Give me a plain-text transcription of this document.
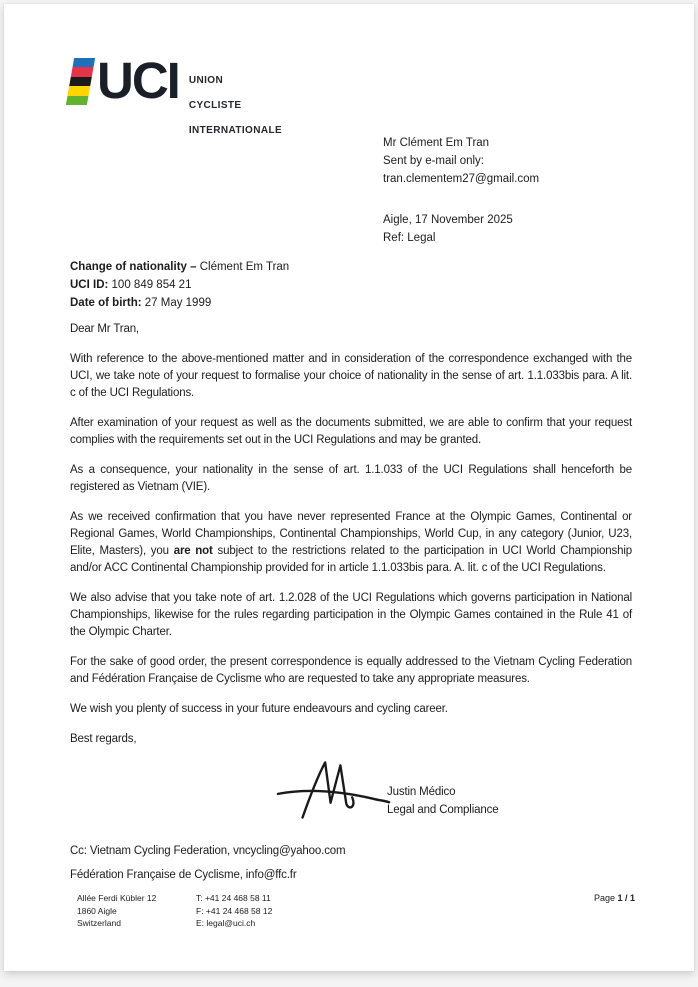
UCI UNION

CYCLISTE

INTERNATIONALE

Mr Clément Em Tran
Sent by e-mail only:
tran.clementem27@gmail.com
Aigle, 17 November 2025
Ref: Legal
Change of nationality – Clément Em Tran
UCI ID: 100 849 854 21
Date of birth: 27 May 1999

Dear Mr Tran,

With reference to the above-mentioned matter and in consideration of the correspondence exchanged with the UCI, we take note of your request to formalise your choice of nationality in the sense of art. 1.1.033bis para. A lit. c of the UCI Regulations.

After examination of your request as well as the documents submitted, we are able to confirm that your request complies with the requirements set out in the UCI Regulations and may be granted.

As a consequence, your nationality in the sense of art. 1.1.033 of the UCI Regulations shall henceforth be registered as Vietnam (VIE).

As we received confirmation that you have never represented France at the Olympic Games, Continental or Regional Games, World Championships, Continental Championships, World Cup, in any category (Junior, U23, Elite, Masters), you are not subject to the restrictions related to the participation in UCI World Championship and/or ACC Continental Championship provided for in article 1.1.033bis para. A. lit. c of the UCI Regulations.

We also advise that you take note of art. 1.2.028 of the UCI Regulations which governs participation in National Championships, likewise for the rules regarding participation in the Olympic Games contained in the Rule 41 of the Olympic Charter.

For the sake of good order, the present correspondence is equally addressed to the Vietnam Cycling Federation and Fédération Française de Cyclisme who are requested to take any appropriate measures.

We wish you plenty of success in your future endeavours and cycling career.

Best regards,

Justin Médico
Legal and Compliance
Cc: Vietnam Cycling Federation, vncycling@yahoo.com
Fédération Française de Cyclisme, info@ffc.fr
Allée Ferdi Kübler 12
1860 Aigle
Switzerland
T: +41 24 468 58 11
F: +41 24 468 58 12
E: legal@uci.ch
Page 1 / 1
